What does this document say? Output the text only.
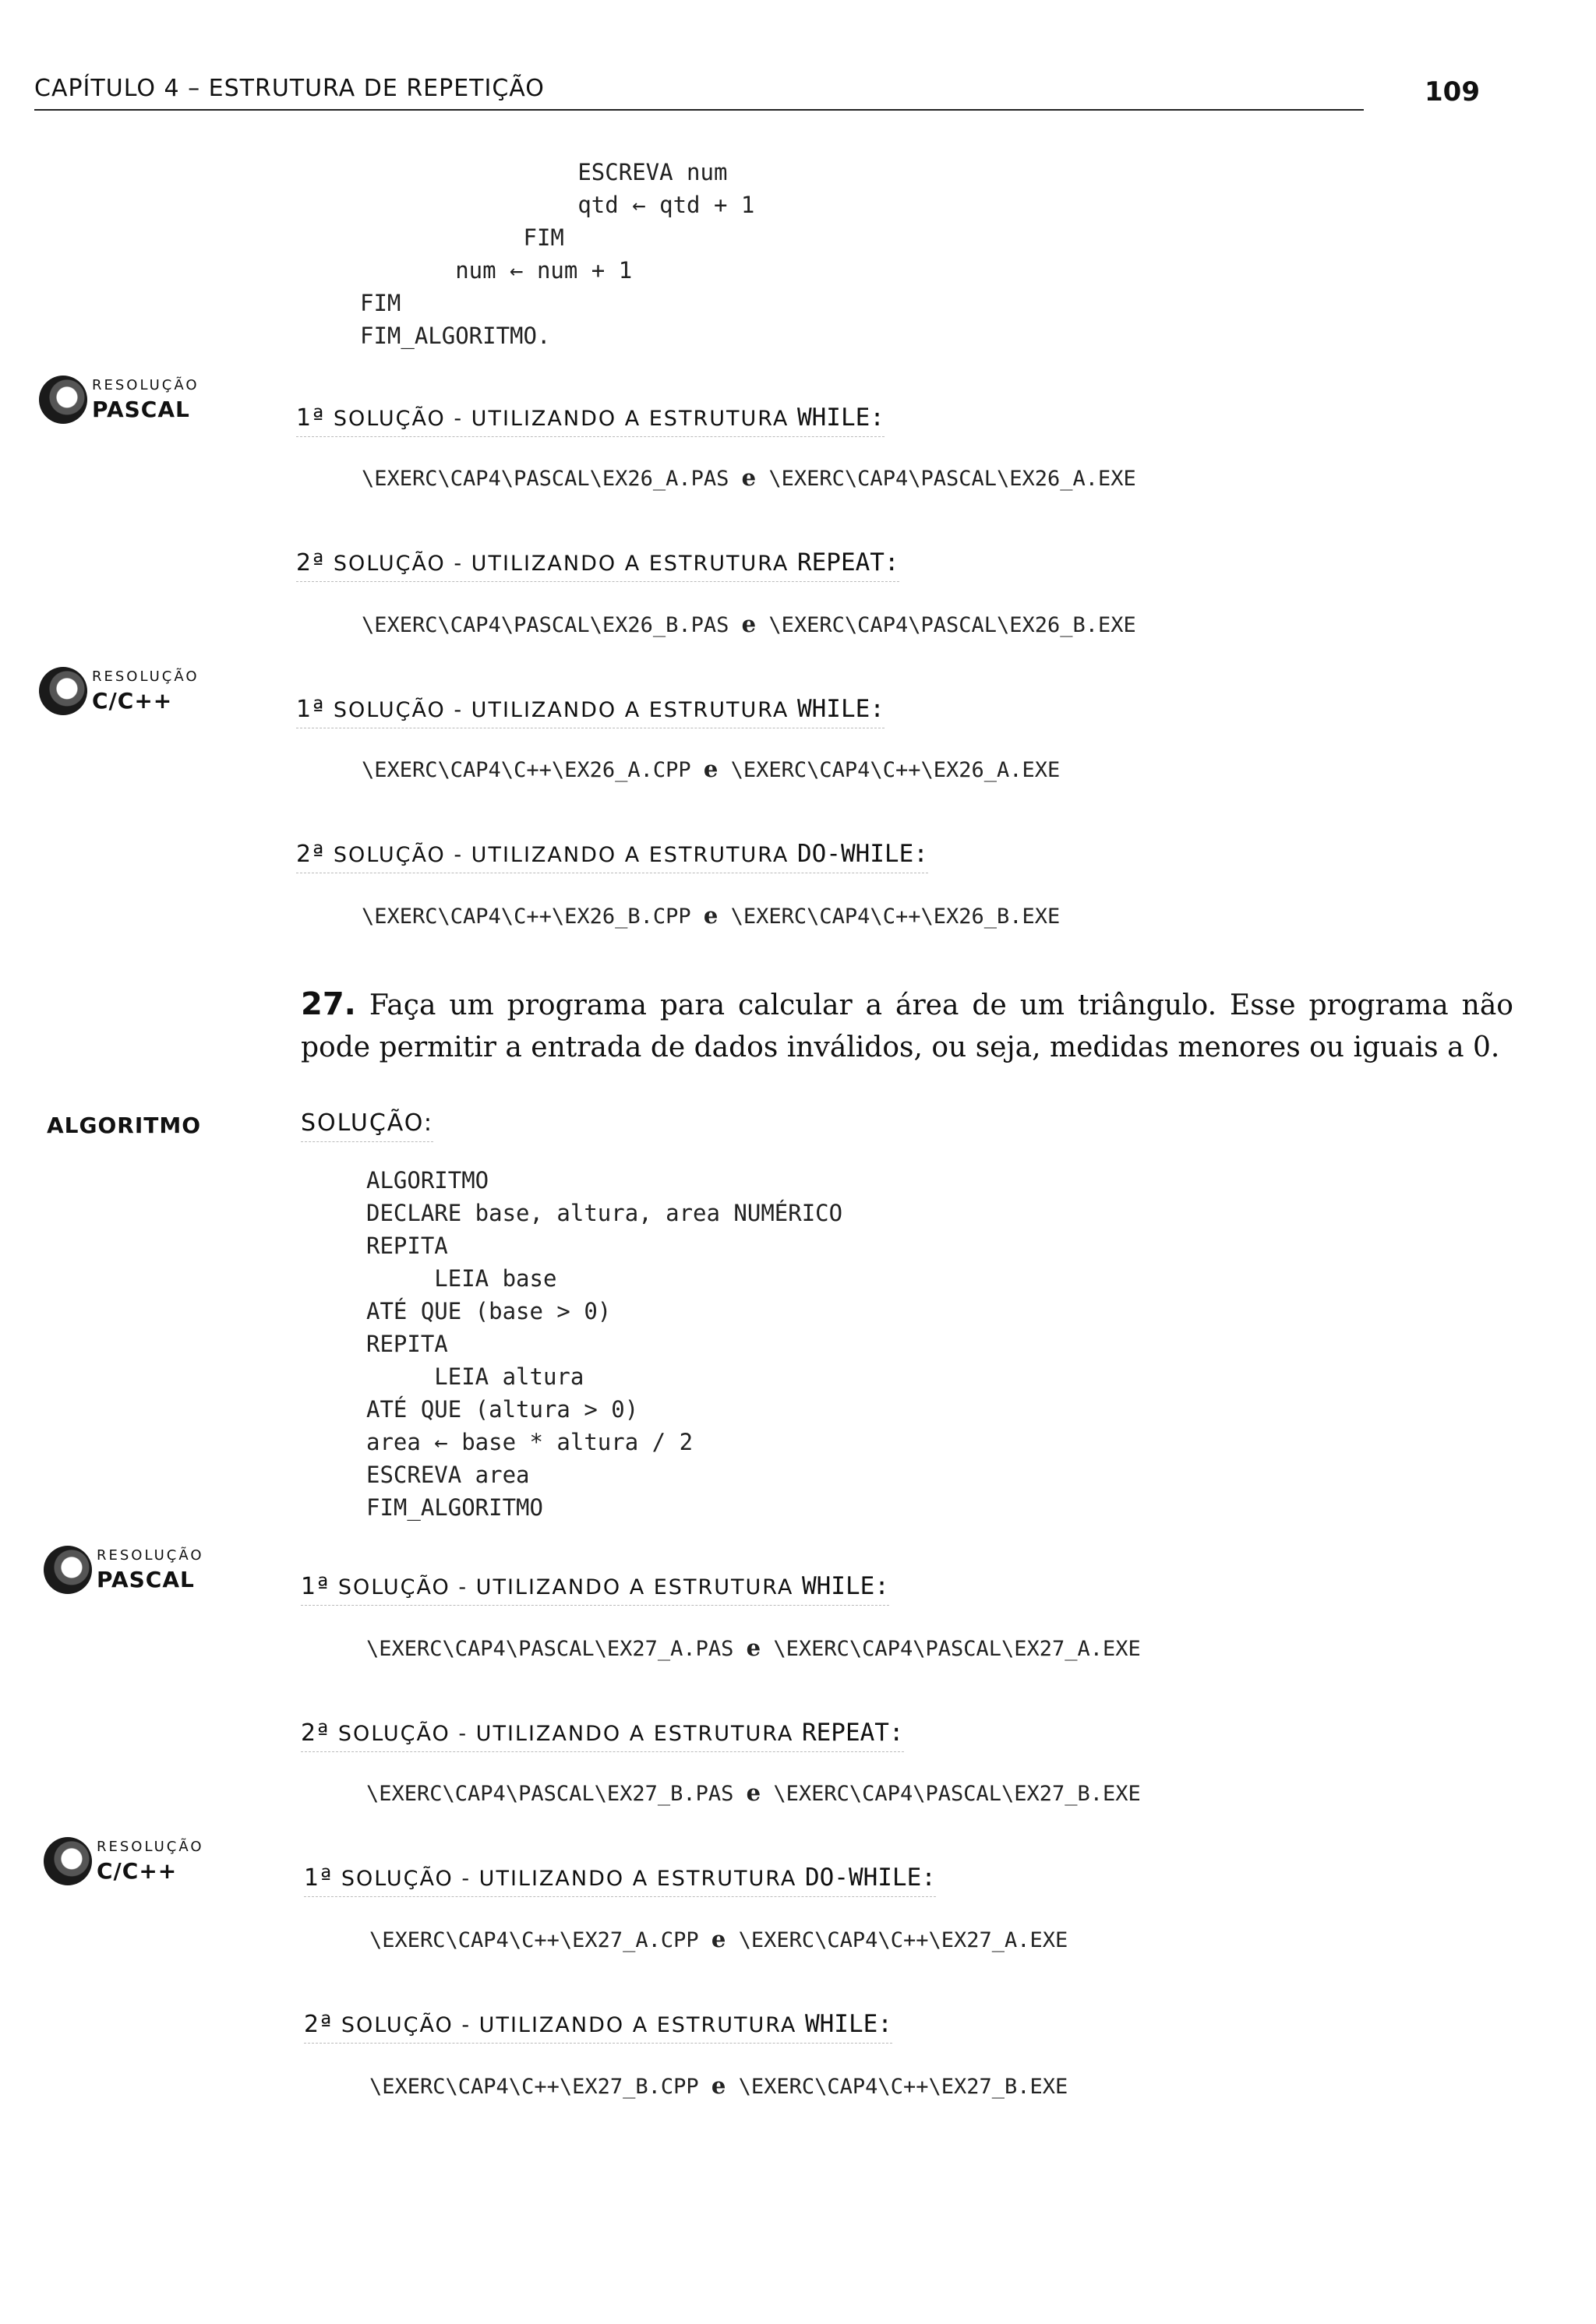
CAPÍTULO 4 – ESTRUTURA DE REPETIÇÃO	109
ESCREVA num
qtd ← qtd + 1
FIM
num ← num + 1
FIM
FIM_ALGORITMO.
RESOLUÇÃO
PASCAL	1ª SOLUÇÃO - UTILIZANDO A ESTRUTURA WHILE:
\EXERC\CAP4\PASCAL\EX26_A.PAS e \EXERC\CAP4\PASCAL\EX26_A.EXE
2ª SOLUÇÃO - UTILIZANDO A ESTRUTURA REPEAT:
\EXERC\CAP4\PASCAL\EX26_B.PAS e \EXERC\CAP4\PASCAL\EX26_B.EXE
RESOLUÇÃO
C/C++	1ª SOLUÇÃO - UTILIZANDO A ESTRUTURA WHILE:
\EXERC\CAP4\C++\EX26_A.CPP e \EXERC\CAP4\C++\EX26_A.EXE
2ª SOLUÇÃO - UTILIZANDO A ESTRUTURA DO-WHILE:
\EXERC\CAP4\C++\EX26_B.CPP e \EXERC\CAP4\C++\EX26_B.EXE
27. Faça um programa para calcular a área de um triângulo. Esse programa não pode permitir a entrada de dados inválidos, ou seja, medidas menores ou iguais a 0.
ALGORITMO	SOLUÇÃO:
ALGORITMO
DECLARE base, altura, area NUMÉRICO
REPITA
LEIA base
ATÉ QUE (base > 0)
REPITA
LEIA altura
ATÉ QUE (altura > 0)
area ← base * altura / 2
ESCREVA area
FIM_ALGORITMO
RESOLUÇÃO
PASCAL	1ª SOLUÇÃO - UTILIZANDO A ESTRUTURA WHILE:
\EXERC\CAP4\PASCAL\EX27_A.PAS e \EXERC\CAP4\PASCAL\EX27_A.EXE
2ª SOLUÇÃO - UTILIZANDO A ESTRUTURA REPEAT:
\EXERC\CAP4\PASCAL\EX27_B.PAS e \EXERC\CAP4\PASCAL\EX27_B.EXE
RESOLUÇÃO
C/C++	1ª SOLUÇÃO - UTILIZANDO A ESTRUTURA DO-WHILE:
\EXERC\CAP4\C++\EX27_A.CPP e \EXERC\CAP4\C++\EX27_A.EXE
2ª SOLUÇÃO - UTILIZANDO A ESTRUTURA WHILE:
\EXERC\CAP4\C++\EX27_B.CPP e \EXERC\CAP4\C++\EX27_B.EXE
